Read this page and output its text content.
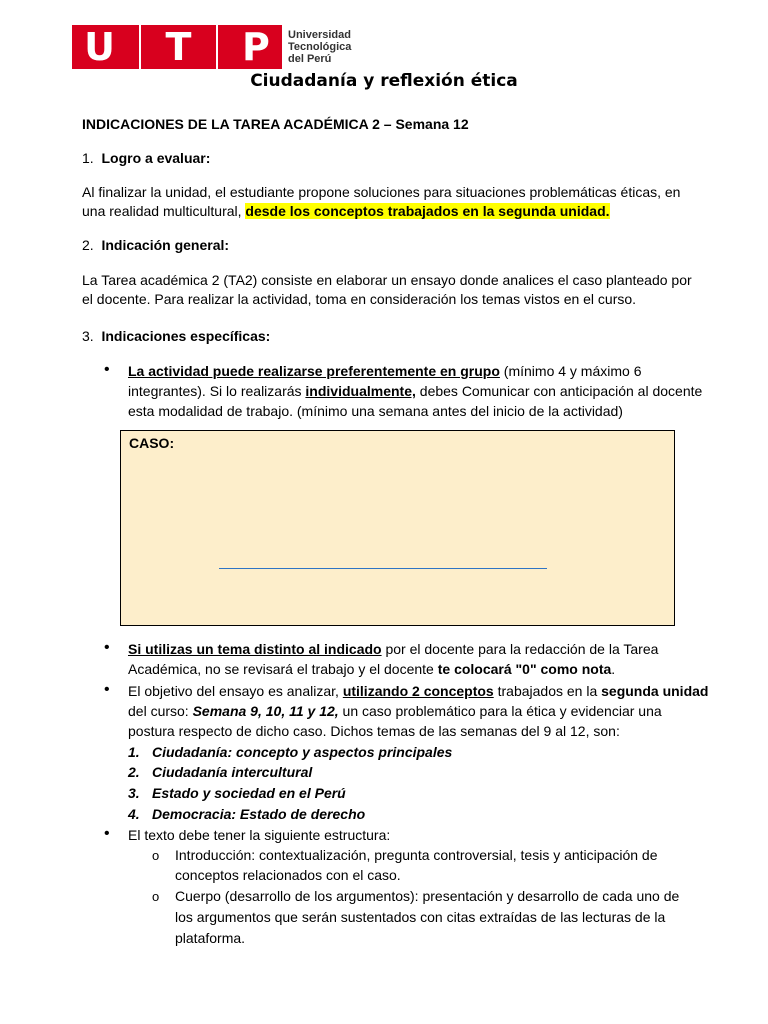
U T P Universidad
Tecnológica
del Perú
Ciudadanía y reflexión ética
INDICACIONES DE LA TAREA ACADÉMICA 2 – Semana 12
1. Logro a evaluar:
Al finalizar la unidad, el estudiante propone soluciones para situaciones problemáticas éticas, en
una realidad multicultural, desde los conceptos trabajados en la segunda unidad.
2. Indicación general:
La Tarea académica 2 (TA2) consiste en elaborar un ensayo donde analices el caso planteado por
el docente. Para realizar la actividad, toma en consideración los temas vistos en el curso.
3. Indicaciones específicas:
• La actividad puede realizarse preferentemente en grupo (mínimo 4 y máximo 6
integrantes). Si lo realizarás individualmente, debes Comunicar con anticipación al docente
esta modalidad de trabajo. (mínimo una semana antes del inicio de la actividad)
CASO:
• Si utilizas un tema distinto al indicado por el docente para la redacción de la Tarea
Académica, no se revisará el trabajo y el docente te colocará "0" como nota.
• El objetivo del ensayo es analizar, utilizando 2 conceptos trabajados en la segunda unidad
del curso: Semana 9, 10, 11 y 12, un caso problemático para la ética y evidenciar una
postura respecto de dicho caso. Dichos temas de las semanas del 9 al 12, son:
1. Ciudadanía: concepto y aspectos principales
2. Ciudadanía intercultural
3. Estado y sociedad en el Perú
4. Democracia: Estado de derecho
• El texto debe tener la siguiente estructura:
o Introducción: contextualización, pregunta controversial, tesis y anticipación de
conceptos relacionados con el caso.
o Cuerpo (desarrollo de los argumentos): presentación y desarrollo de cada uno de
los argumentos que serán sustentados con citas extraídas de las lecturas de la
plataforma.
